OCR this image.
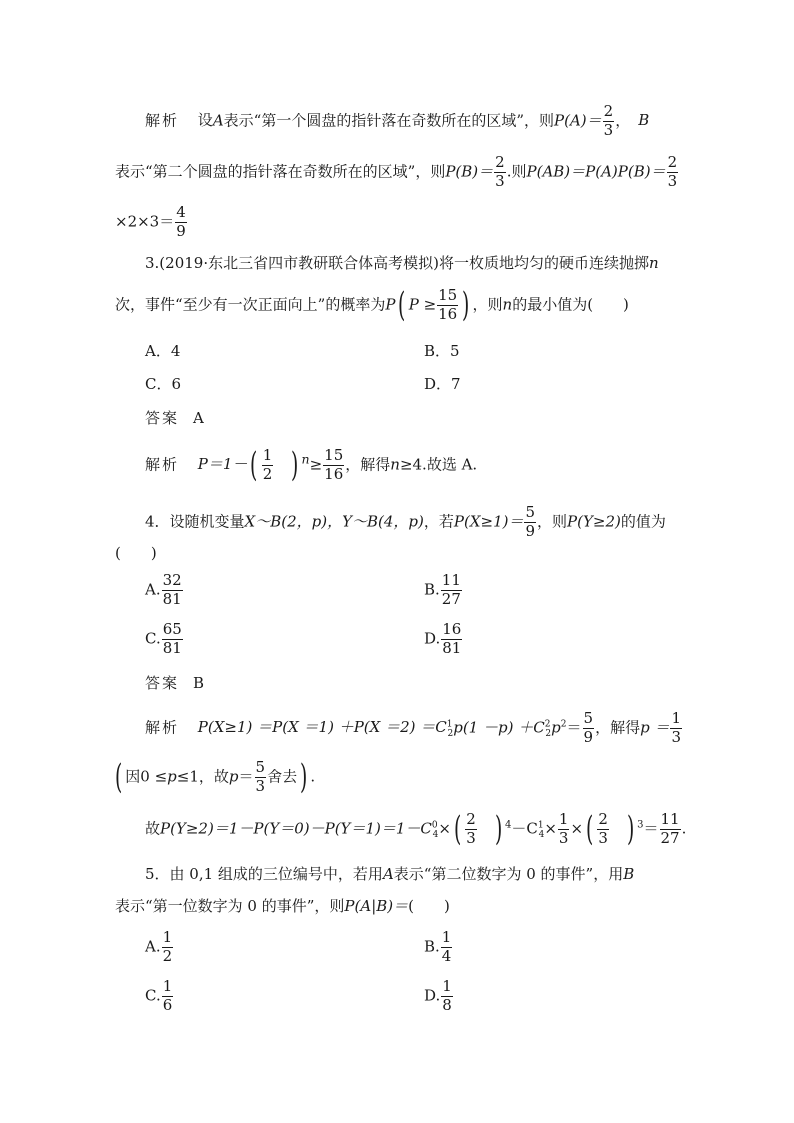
解析 设A表示“第一个圆盘的指针落在奇数所在的区域”，则$P(A)= \frac{2}{3}$ ， B
表示“第二个圆盘的指针落在奇数所在的区域”，则$P(B)= \frac{2}{3}$ .则$P(AB)=P(A)P(B)= \frac{2}{3}$
$\times 2\times 3= \frac{4}{9}$
3.(2019·东北三省四市教研联合体高考模拟)将一枚质地均匀的硬币连续抛掷n
次，事件“至少有一次正面向上”的概率为P( $P \ge \frac{15}{16}$ ) ，则n的最小值为(　　)
A．4	B．5
C．6	D．7
答案 A
解析 $P=1-( \frac{1}{2}$ ) $^n\ge \frac{15}{16}$ ，解得n≥4.故选 A.
4．设随机变量X～B(2，p)，Y～B(4，p)，若$P(X\ge 1)= \frac{5}{9}$ ，则P(Y≥2)的值为
(　　)
A. $\frac{32}{81}$	B. $\frac{11}{27}$
C. $\frac{65}{81}$	D. $\frac{16}{81}$
答案 B
解析 $P(X\ge 1) =P(X =1) +P(X =2) =C^1_2p(1 -p) +C^2_2p^2= \frac{5}{9}$ ，解得$p = \frac{1}{3}$
( 因0 ≤p≤1，故$p= \frac{5}{3}$ 舍去) .
故$P(Y\ge 2)=1-P(Y=0)-P(Y=1)=1-C^0_4\times( \frac{2}{3}$ ) $^4-C^1_4\times \frac{1}{3}$ ×( $\frac{2}{3}$ ) $^3= \frac{11}{27}$ .
5．由 0,1 组成的三位编号中，若用A表示“第二位数字为 0 的事件”，用B
表示“第一位数字为 0 的事件”，则P(A|B)＝(　　)
A. $\frac{1}{2}$	B. $\frac{1}{4}$
C. $\frac{1}{6}$	D. $\frac{1}{8}$
